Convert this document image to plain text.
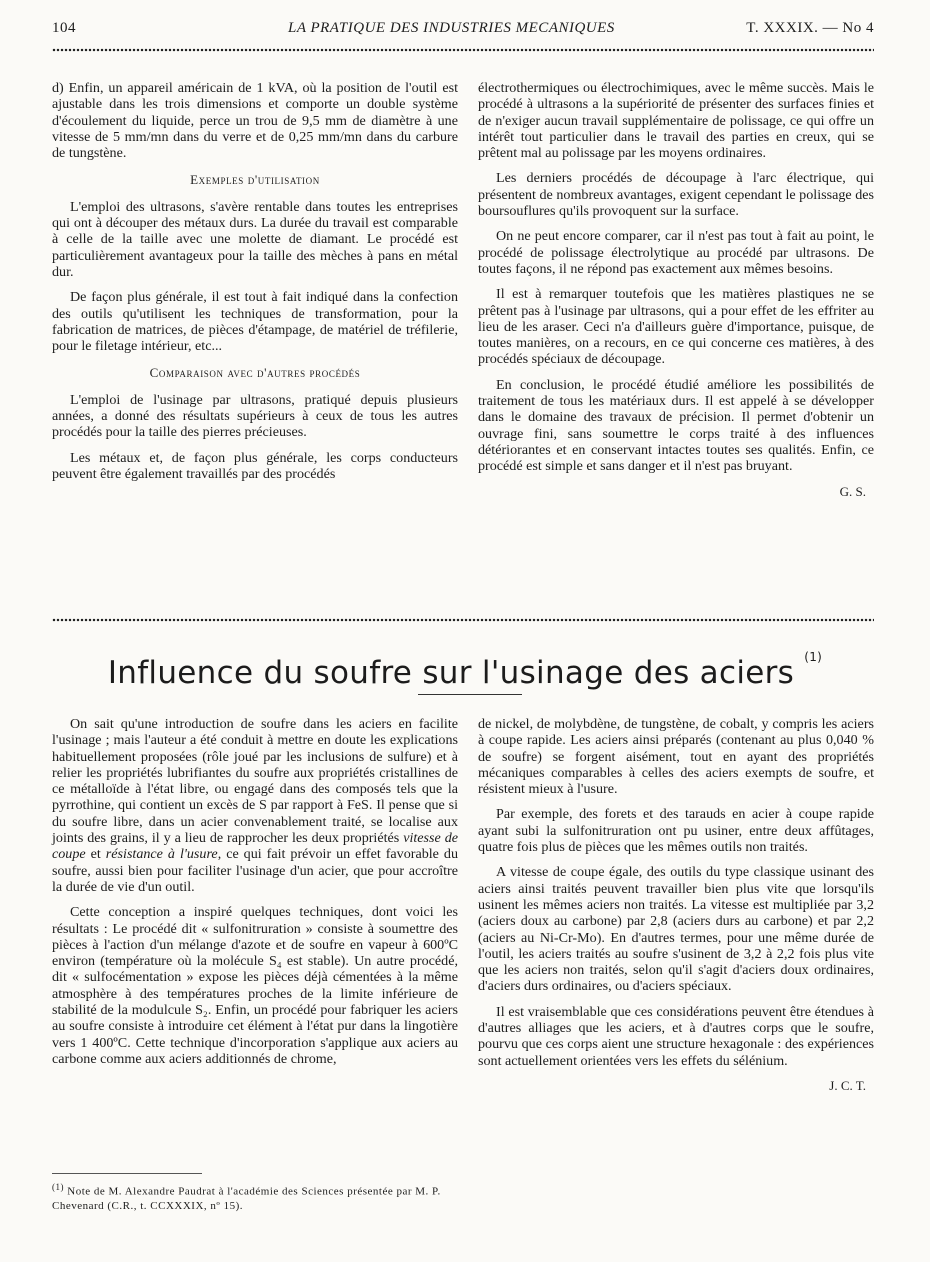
104	LA PRATIQUE DES INDUSTRIES MECANIQUES	T. XXXIX. — No 4

d) Enfin, un appareil américain de 1 kVA, où la position de l'outil est ajustable dans les trois dimensions et comporte un double système d'écoulement du liquide, perce un trou de 9,5 mm de diamètre à une vitesse de 5 mm/mn dans du verre et de 0,25 mm/mn dans du carbure de tungstène.

Exemples d'utilisation

L'emploi des ultrasons, s'avère rentable dans toutes les entreprises qui ont à découper des métaux durs. La durée du travail est comparable à celle de la taille avec une molette de diamant. Le procédé est particulièrement avantageux pour la taille des mèches à pans en métal dur.

De façon plus générale, il est tout à fait indiqué dans la confection des outils qu'utilisent les techniques de transformation, pour la fabrication de matrices, de pièces d'étampage, de matériel de tréfilerie, pour le filetage intérieur, etc...

Comparaison avec d'autres procédés

L'emploi de l'usinage par ultrasons, pratiqué depuis plusieurs années, a donné des résultats supérieurs à ceux de tous les autres procédés pour la taille des pierres précieuses.

Les métaux et, de façon plus générale, les corps conducteurs peuvent être également travaillés par des procédés

électrothermiques ou électrochimiques, avec le même succès. Mais le procédé à ultrasons a la supériorité de présenter des surfaces finies et de n'exiger aucun travail supplémentaire de polissage, ce qui offre un intérêt tout particulier dans le travail des parties en creux, qui se prêtent mal au polissage par les moyens ordinaires.

Les derniers procédés de découpage à l'arc électrique, qui présentent de nombreux avantages, exigent cependant le polissage des boursouflures qu'ils provoquent sur la surface.

On ne peut encore comparer, car il n'est pas tout à fait au point, le procédé de polissage électrolytique au procédé par ultrasons. De toutes façons, il ne répond pas exactement aux mêmes besoins.

Il est à remarquer toutefois que les matières plastiques ne se prêtent pas à l'usinage par ultrasons, qui a pour effet de les effriter au lieu de les araser. Ceci n'a d'ailleurs guère d'importance, puisque, de toutes manières, on a recours, en ce qui concerne ces matières, à des procédés spéciaux de découpage.

En conclusion, le procédé étudié améliore les possibilités de traitement de tous les matériaux durs. Il est appelé à se développer dans le domaine des travaux de précision. Il permet d'obtenir un ouvrage fini, sans soumettre le corps traité à des influences détériorantes et en conservant intactes toutes ses qualités. Enfin, ce procédé est simple et sans danger et il n'est pas bruyant.

G. S.
Influence du soufre sur l'usinage des aciers $^{(1)}$

On sait qu'une introduction de soufre dans les aciers en facilite l'usinage ; mais l'auteur a été conduit à mettre en doute les explications habituellement proposées (rôle joué par les inclusions de sulfure) et à relier les propriétés lubrifiantes du soufre aux propriétés cristallines de ce métalloïde à l'état libre, ou engagé dans des composés tels que la pyrrothine, qui contient un excès de S par rapport à FeS. Il pense que si du soufre libre, dans un acier convenablement traité, se localise aux joints des grains, il y a lieu de rapprocher les deux propriétés vitesse de coupe et résistance à l'usure, ce qui fait prévoir un effet favorable du soufre, aussi bien pour faciliter l'usinage d'un acier, que pour accroître la durée de vie d'un outil.

Cette conception a inspiré quelques techniques, dont voici les résultats : Le procédé dit « sulfonitruration » consiste à soumettre des pièces à l'action d'un mélange d'azote et de soufre en vapeur à 600ºC environ (température où la molécule S₄ est stable). Un autre procédé, dit « sulfocémentation » expose les pièces déjà cémentées à la même atmosphère à des températures proches de la limite inférieure de stabilité de la modulcule S₂. Enfin, un procédé pour fabriquer les aciers au soufre consiste à introduire cet élément à l'état pur dans la lingotière vers 1 400ºC. Cette technique d'incorporation s'applique aux aciers au carbone comme aux aciers additionnés de chrome,

de nickel, de molybdène, de tungstène, de cobalt, y compris les aciers à coupe rapide. Les aciers ainsi préparés (contenant au plus 0,040 % de soufre) se forgent aisément, tout en ayant des propriétés mécaniques comparables à celles des aciers exempts de soufre, et résistent mieux à l'usure.

Par exemple, des forets et des tarauds en acier à coupe rapide ayant subi la sulfonitruration ont pu usiner, entre deux affûtages, quatre fois plus de pièces que les mêmes outils non traités.

A vitesse de coupe égale, des outils du type classique usinant des aciers ainsi traités peuvent travailler bien plus vite que lorsqu'ils usinent les mêmes aciers non traités. La vitesse est multipliée par 3,2 (aciers doux au carbone) par 2,8 (aciers durs au carbone) et par 2,2 (aciers au Ni-Cr-Mo). En d'autres termes, pour une même durée de l'outil, les aciers traités au soufre s'usinent de 3,2 à 2,2 fois plus vite que les aciers non traités, selon qu'il s'agit d'aciers doux ordinaires, d'aciers durs ordinaires, ou d'aciers spéciaux.

Il est vraisemblable que ces considérations peuvent être étendues à d'autres alliages que les aciers, et à d'autres corps que le soufre, pourvu que ces corps aient une structure hexagonale : des expériences sont actuellement orientées vers les effets du sélénium.

J. C. T.
$^{(1)}$ Note de M. Alexandre Paudrat à l'académie des Sciences présentée par M. P. Chevenard (C.R., t. CCXXXIX, nº 15).
